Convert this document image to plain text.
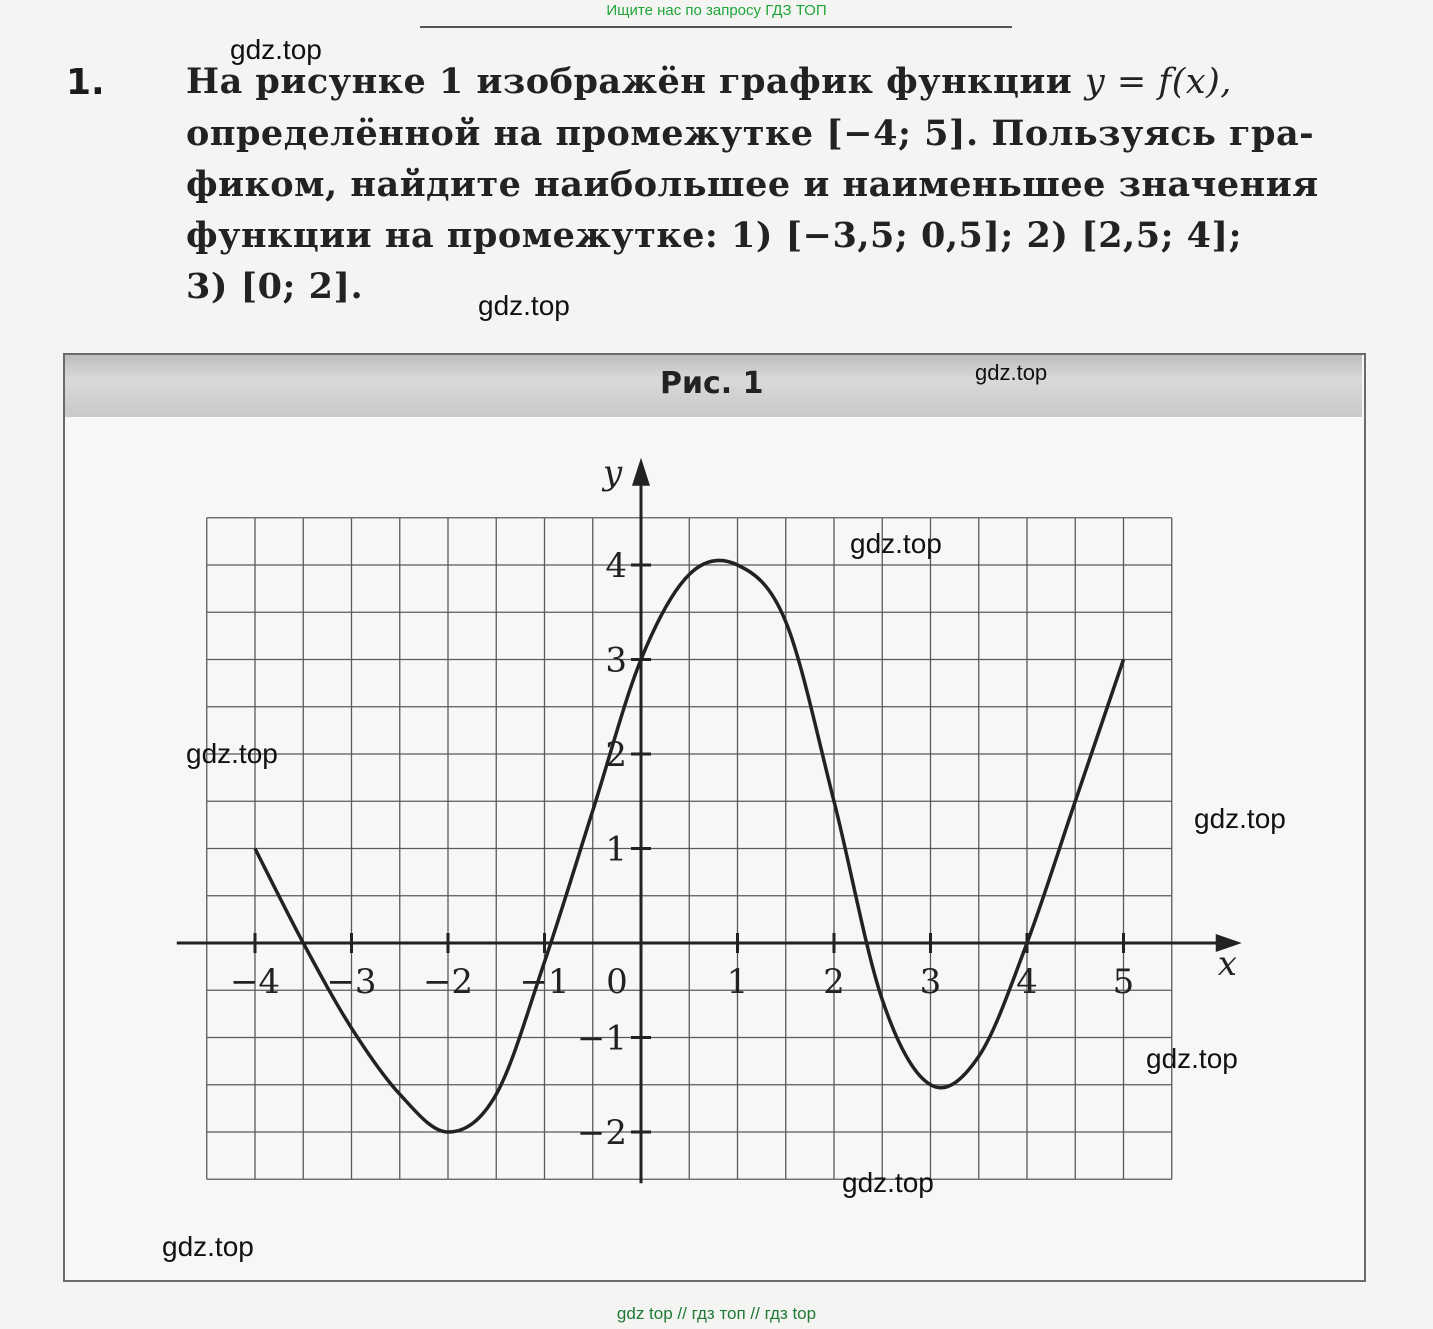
Ищите нас по запросу ГДЗ ТОП
1. На рисунке 1 изображён график функции y = f(x),
определённой на промежутке [−4; 5]. Пользуясь гра-
фиком, найдите наибольшее и наименьшее значения
функции на промежутке: 1) [−3,5; 0,5]; 2) [2,5; 4];
3) [0; 2].
Рис. 1
x
y
−4 −3 −2 −1 0	1 2 3 4 5
4
3
2
1
−1
−2
gdz.top
gdz.top
gdz.top
gdz.top
gdz.top
gdz.top
gdz.top
gdz.top
gdz.top
gdz top // гдз топ // гдз top
